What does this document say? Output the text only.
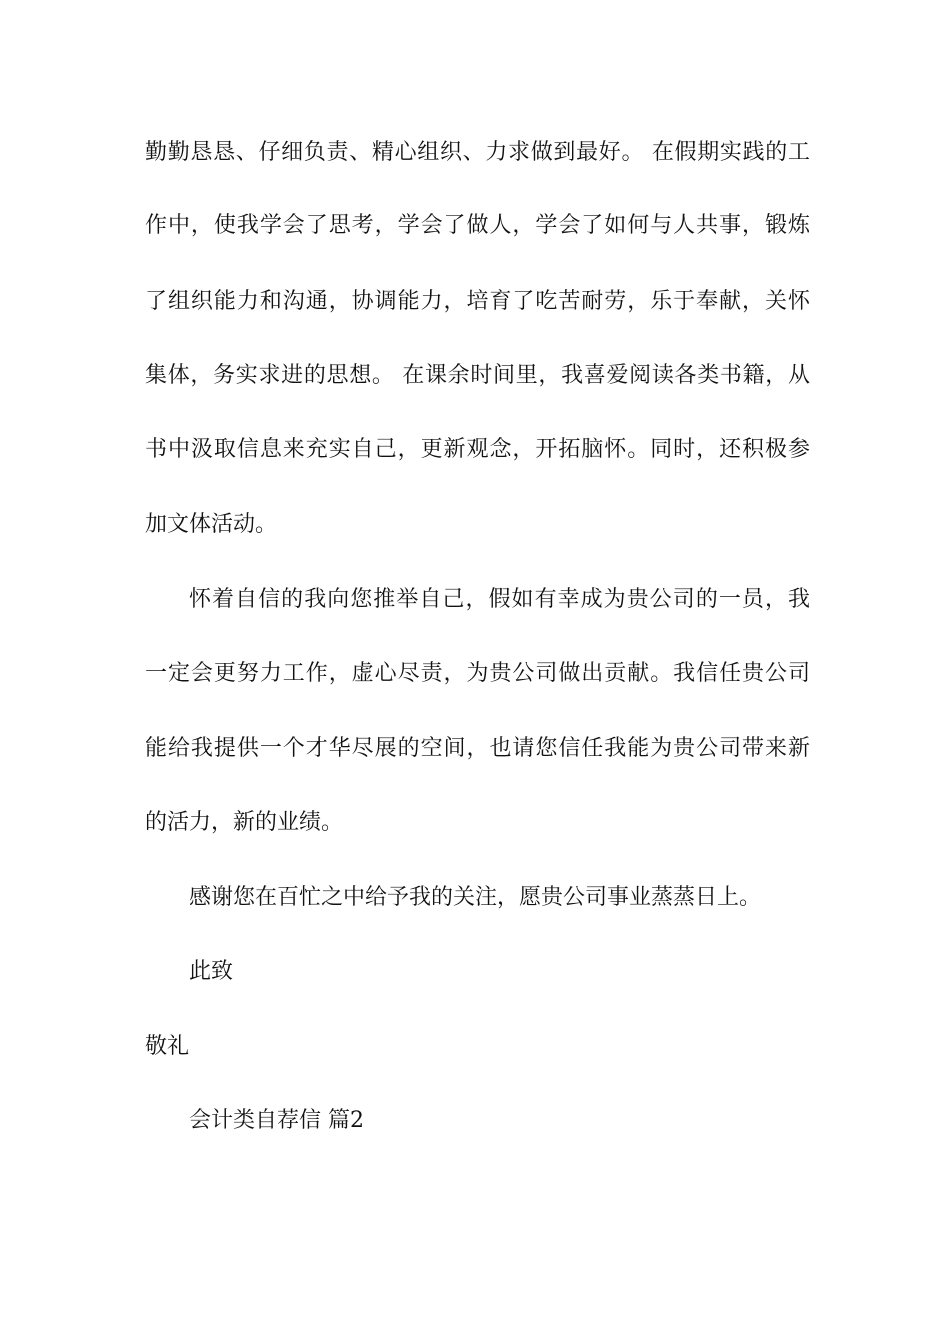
勤勤恳恳、仔细负责、精心组织、力求做到最好。 在假期实践的工
作中，使我学会了思考，学会了做人，学会了如何与人共事，锻炼
了组织能力和沟通，协调能力，培育了吃苦耐劳，乐于奉献，关怀
集体，务实求进的思想。 在课余时间里，我喜爱阅读各类书籍，从
书中汲取信息来充实自己，更新观念，开拓脑怀。同时，还积极参
加文体活动。
怀着自信的我向您推举自己，假如有幸成为贵公司的一员，我
一定会更努力工作，虚心尽责，为贵公司做出贡献。我信任贵公司
能给我提供一个才华尽展的空间，也请您信任我能为贵公司带来新
的活力，新的业绩。
感谢您在百忙之中给予我的关注，愿贵公司事业蒸蒸日上。
此致
敬礼
会计类自荐信 篇2
